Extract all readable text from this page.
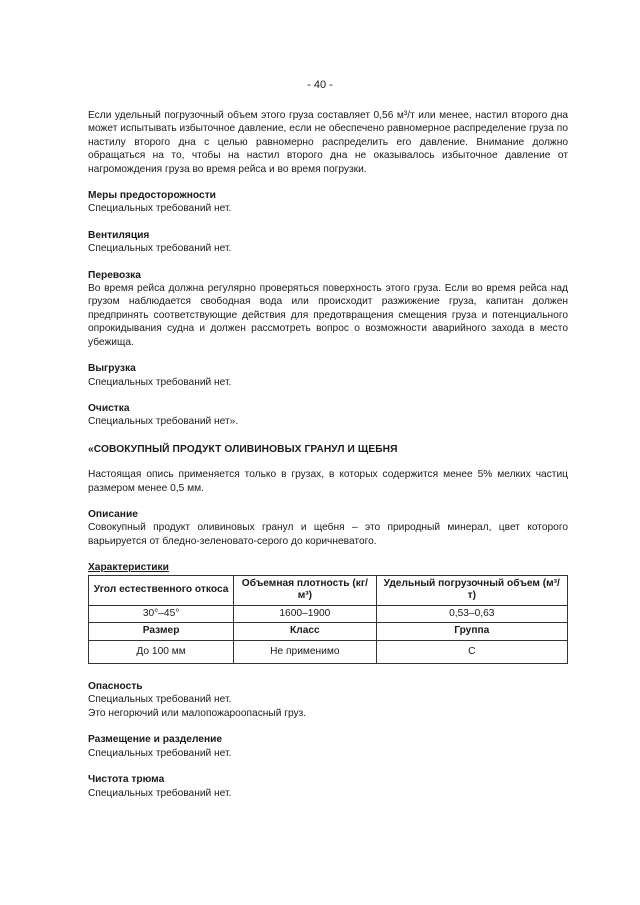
- 40 -

Если удельный погрузочный объем этого груза составляет 0,56 м³/т или менее, настил второго дна может испытывать избыточное давление, если не обеспечено равномерное распределение груза по настилу второго дна с целью равномерно распределить его давление. Внимание должно обращаться на то, чтобы на настил второго дна не оказывалось избыточное давление от нагромождения груза во время рейса и во время погрузки.

Меры предосторожности

Специальных требований нет.

Вентиляция

Специальных требований нет.

Перевозка

Во время рейса должна регулярно проверяться поверхность этого груза. Если во время рейса над грузом наблюдается свободная вода или происходит разжижение груза, капитан должен предпринять соответствующие действия для предотвращения смещения груза и потенциального опрокидывания судна и должен рассмотреть вопрос о возможности аварийного захода в место убежища.

Выгрузка

Специальных требований нет.

Очистка

Специальных требований нет».

«СОВОКУПНЫЙ ПРОДУКТ ОЛИВИНОВЫХ ГРАНУЛ И ЩЕБНЯ

Настоящая опись применяется только в грузах, в которых содержится менее 5% мелких частиц размером менее 0,5 мм.

Описание

Совокупный продукт оливиновых гранул и щебня – это природный минерал, цвет которого варьируется от бледно-зеленовато-серого до коричневатого.

Характеристики
Угол естественного откоса	Объемная плотность (кг/м³)	Удельный погрузочный объем (м³/т)
30°–45°	1600–1900	0,53–0,63
Размер	Класс	Группа
До 100 мм	Не применимо	C
Опасность

Специальных требований нет.

Это негорючий или малопожароопасный груз.

Размещение и разделение

Специальных требований нет.

Чистота трюма

Специальных требований нет.
